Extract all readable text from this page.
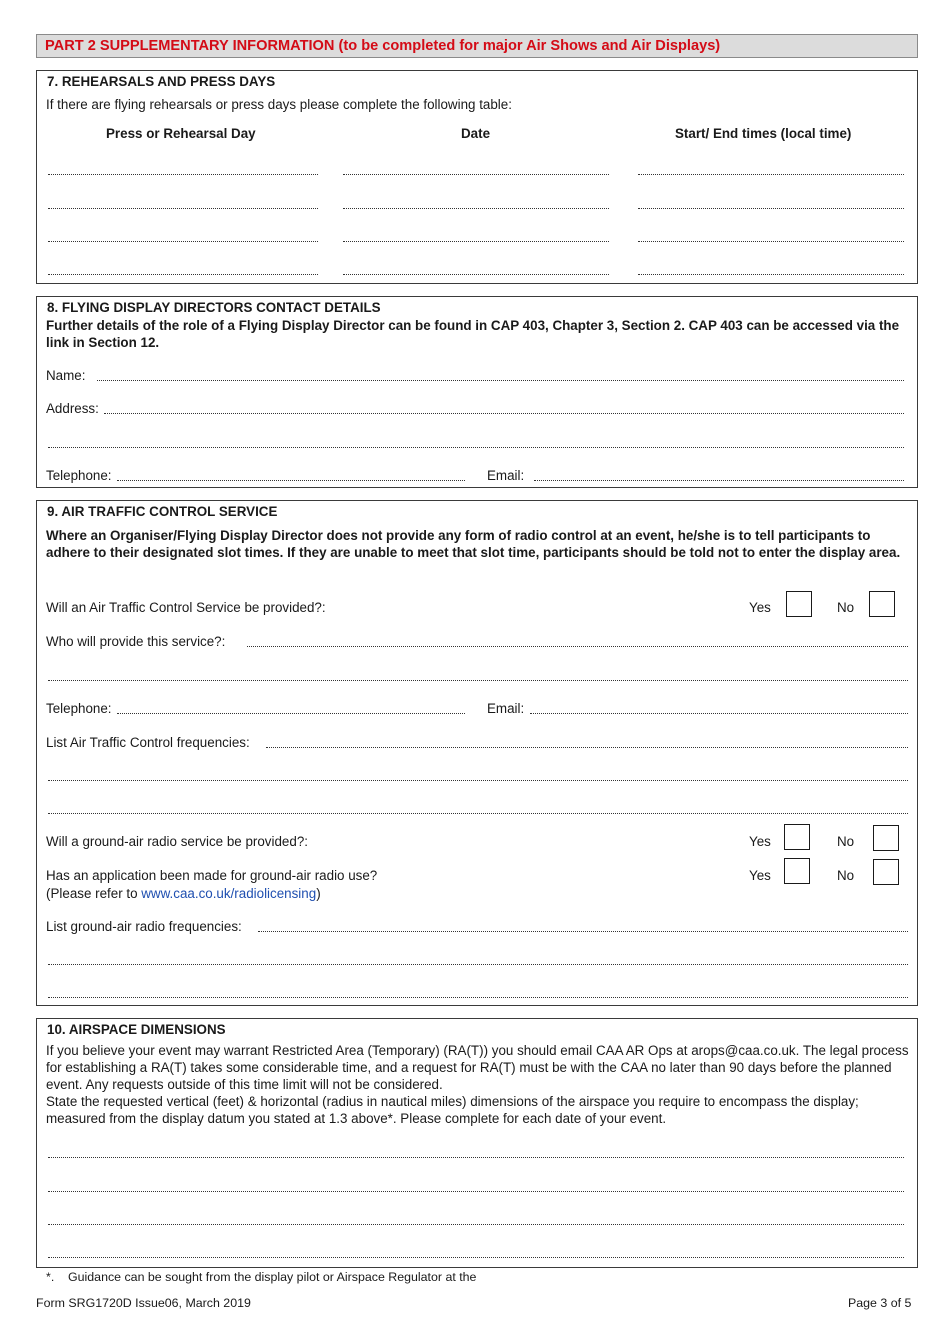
PART 2 SUPPLEMENTARY INFORMATION (to be completed for major Air Shows and Air Displays)
7. REHEARSALS AND PRESS DAYS
If there are flying rehearsals or press days please complete the following table:
Press or Rehearsal Day	Date	Start/ End times (local time)
8. FLYING DISPLAY DIRECTORS CONTACT DETAILS
Further details of the role of a Flying Display Director can be found in CAP 403, Chapter 3, Section 2. CAP 403 can be accessed via the link in Section 12.
Name:
Address:
Telephone:	Email:
9. AIR TRAFFIC CONTROL SERVICE
Where an Organiser/Flying Display Director does not provide any form of radio control at an event, he/she is to tell participants to adhere to their designated slot times. If they are unable to meet that slot time, participants should be told not to enter the display area.
Will an Air Traffic Control Service be provided?:	Yes	No
Who will provide this service?:
Telephone:	Email:
List Air Traffic Control frequencies:
Will a ground-air radio service be provided?:	Yes	No
Has an application been made for ground-air radio use?	Yes	No
(Please refer to www.caa.co.uk/radiolicensing)
List ground-air radio frequencies:
10. AIRSPACE DIMENSIONS
If you believe your event may warrant Restricted Area (Temporary) (RA(T)) you should email CAA AR Ops at arops@caa.co.uk. The legal process for establishing a RA(T) takes some considerable time, and a request for RA(T) must be with the CAA no later than 90 days before the planned event. Any requests outside of this time limit will not be considered.
State the requested vertical (feet) & horizontal (radius in nautical miles) dimensions of the airspace you require to encompass the display; measured from the display datum you stated at 1.3 above*. Please complete for each date of your event.
*. Guidance can be sought from the display pilot or Airspace Regulator at the
Form SRG1720D Issue06, March 2019	Page 3 of 5
